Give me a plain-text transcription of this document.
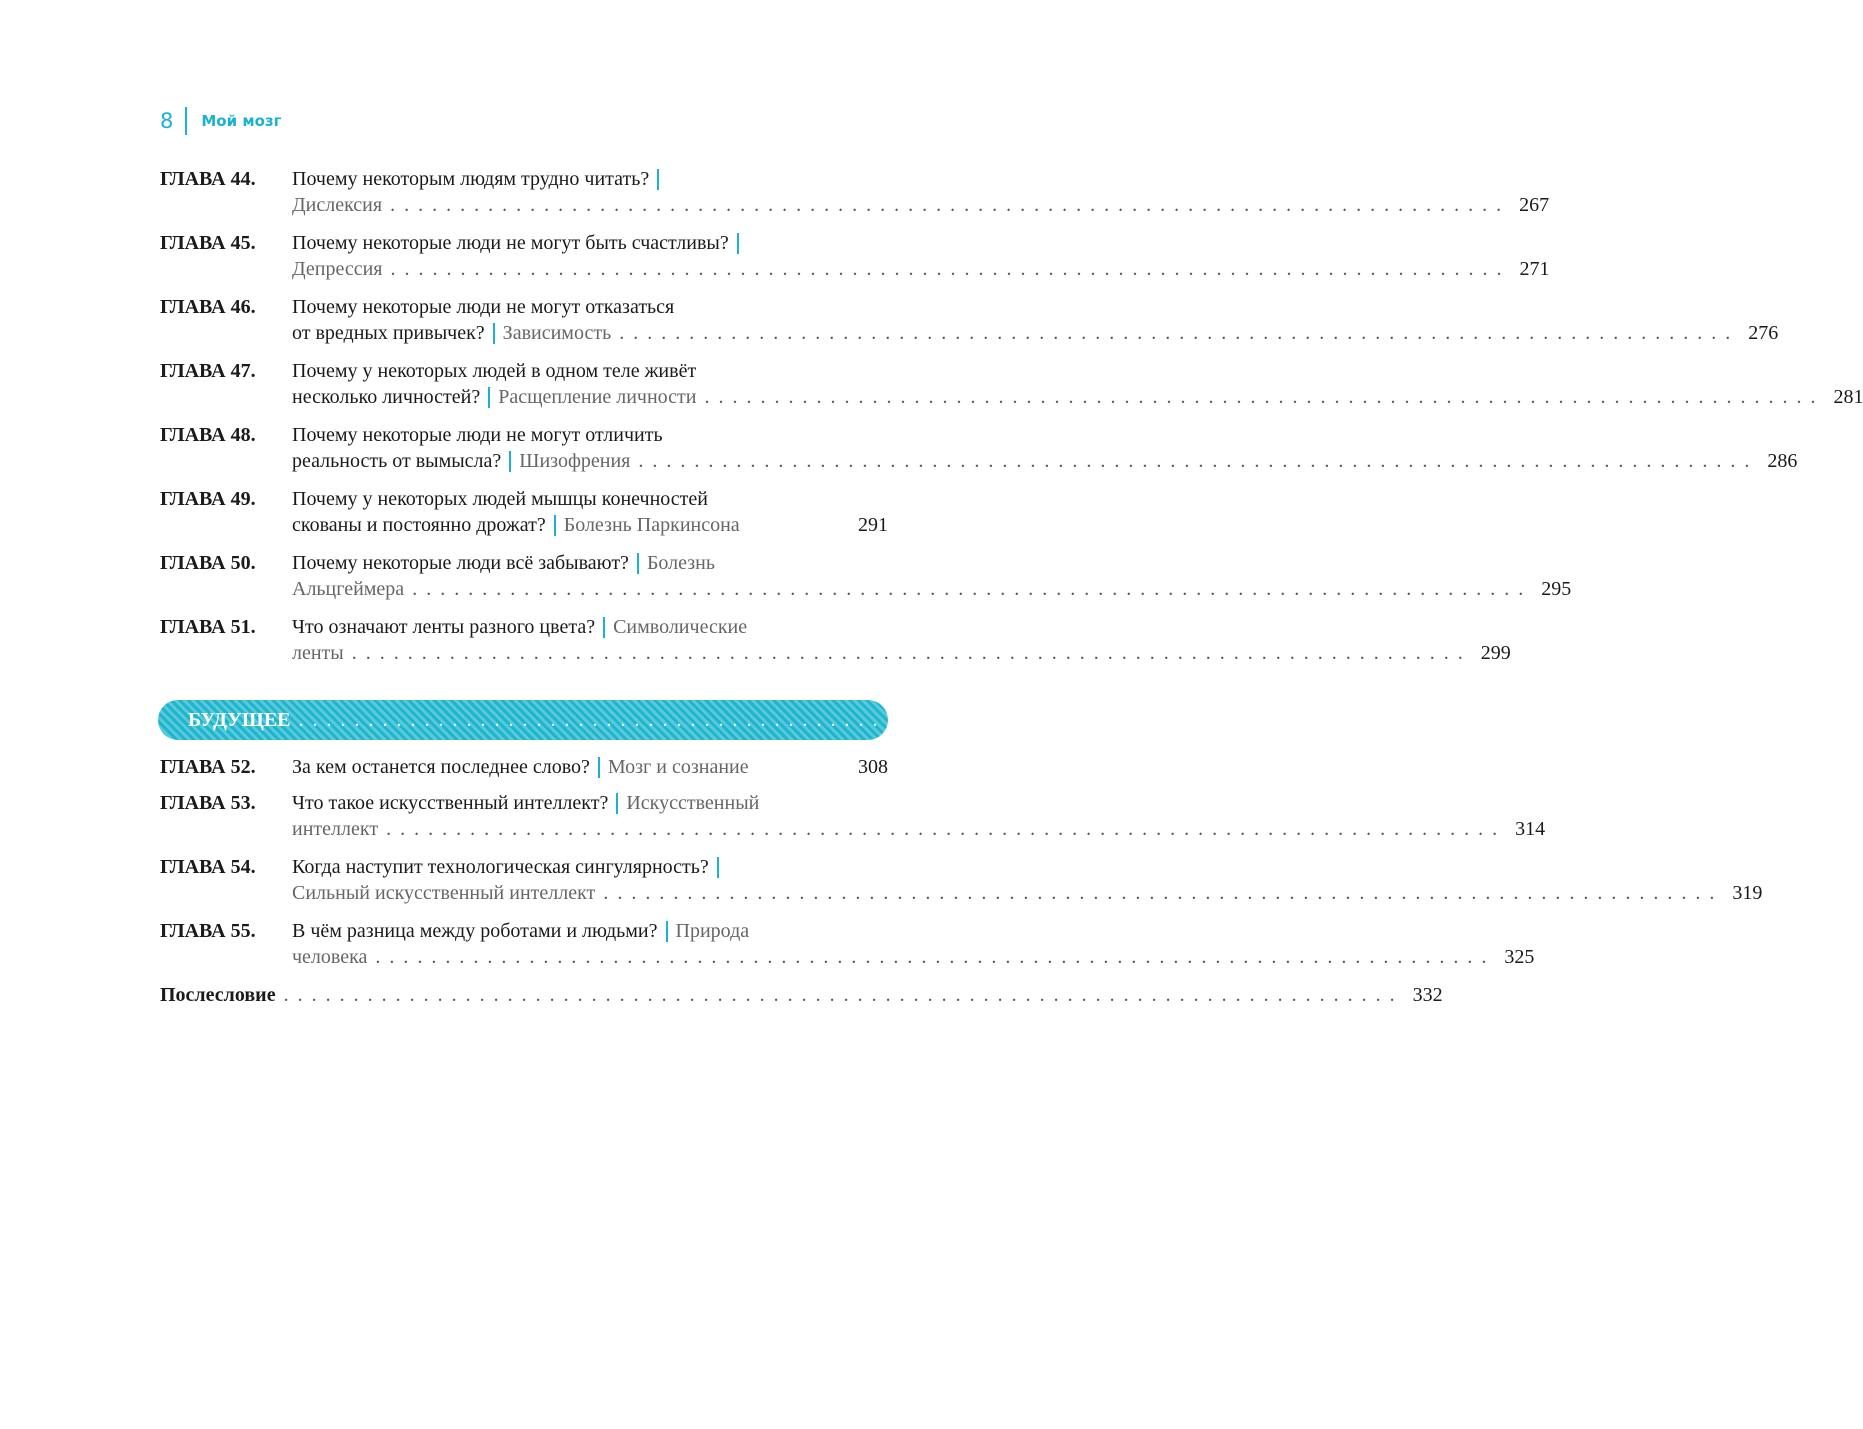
8 Мой мозг
ГЛАВА 44.	Почему некоторым людям трудно читать?
Дислексия . . . . . . . . . . . . . . . . . . . . . . . . . . . . . . . . . . . . . . . . . . . . . . . . . . . . . . . . . . . . . . . . . . . . . . . . . . . . . . . . 267
ГЛАВА 45.	Почему некоторые люди не могут быть счастливы?
Депрессия . . . . . . . . . . . . . . . . . . . . . . . . . . . . . . . . . . . . . . . . . . . . . . . . . . . . . . . . . . . . . . . . . . . . . . . . . . . . . . . . 271
ГЛАВА 46.	Почему некоторые люди не могут отказаться
от вредных привычек? Зависимость . . . . . . . . . . . . . . . . . . . . . . . . . . . . . . . . . . . . . . . . . . . . . . . . . . . . . . . . . . . . . . . . . . . . . . . . . . . . . . . . 276
ГЛАВА 47.	Почему у некоторых людей в одном теле живёт
несколько личностей? Расщепление личности . . . . . . . . . . . . . . . . . . . . . . . . . . . . . . . . . . . . . . . . . . . . . . . . . . . . . . . . . . . . . . . . . . . . . . . . . . . . . . . . 281
ГЛАВА 48.	Почему некоторые люди не могут отличить
реальность от вымысла? Шизофрения . . . . . . . . . . . . . . . . . . . . . . . . . . . . . . . . . . . . . . . . . . . . . . . . . . . . . . . . . . . . . . . . . . . . . . . . . . . . . . . . 286
ГЛАВА 49.	Почему у некоторых людей мышцы конечностей
скованы и постоянно дрожат? Болезнь Паркинсона	291
ГЛАВА 50.	Почему некоторые люди всё забывают? Болезнь
Альцгеймера . . . . . . . . . . . . . . . . . . . . . . . . . . . . . . . . . . . . . . . . . . . . . . . . . . . . . . . . . . . . . . . . . . . . . . . . . . . . . . . . 295
ГЛАВА 51.	Что означают ленты разного цвета? Символические
ленты . . . . . . . . . . . . . . . . . . . . . . . . . . . . . . . . . . . . . . . . . . . . . . . . . . . . . . . . . . . . . . . . . . . . . . . . . . . . . . . . 299
БУДУЩЕЕ . . . . . . . . . . . . . . . . . . . . . . . . . . . . . . . . . . . . . . . . . . . . . . . . . . . . . . . . . . . . . . . . . . . . . . . . . . . . . . . . 307
ГЛАВА 52.	За кем останется последнее слово? Мозг и сознание	308
ГЛАВА 53.	Что такое искусственный интеллект? Искусственный
интеллект . . . . . . . . . . . . . . . . . . . . . . . . . . . . . . . . . . . . . . . . . . . . . . . . . . . . . . . . . . . . . . . . . . . . . . . . . . . . . . . . 314
ГЛАВА 54.	Когда наступит технологическая сингулярность?
Сильный искусственный интеллект . . . . . . . . . . . . . . . . . . . . . . . . . . . . . . . . . . . . . . . . . . . . . . . . . . . . . . . . . . . . . . . . . . . . . . . . . . . . . . . . 319
ГЛАВА 55.	В чём разница между роботами и людьми? Природа
человека . . . . . . . . . . . . . . . . . . . . . . . . . . . . . . . . . . . . . . . . . . . . . . . . . . . . . . . . . . . . . . . . . . . . . . . . . . . . . . . . 325
Послесловие . . . . . . . . . . . . . . . . . . . . . . . . . . . . . . . . . . . . . . . . . . . . . . . . . . . . . . . . . . . . . . . . . . . . . . . . . . . . . . . . 332
